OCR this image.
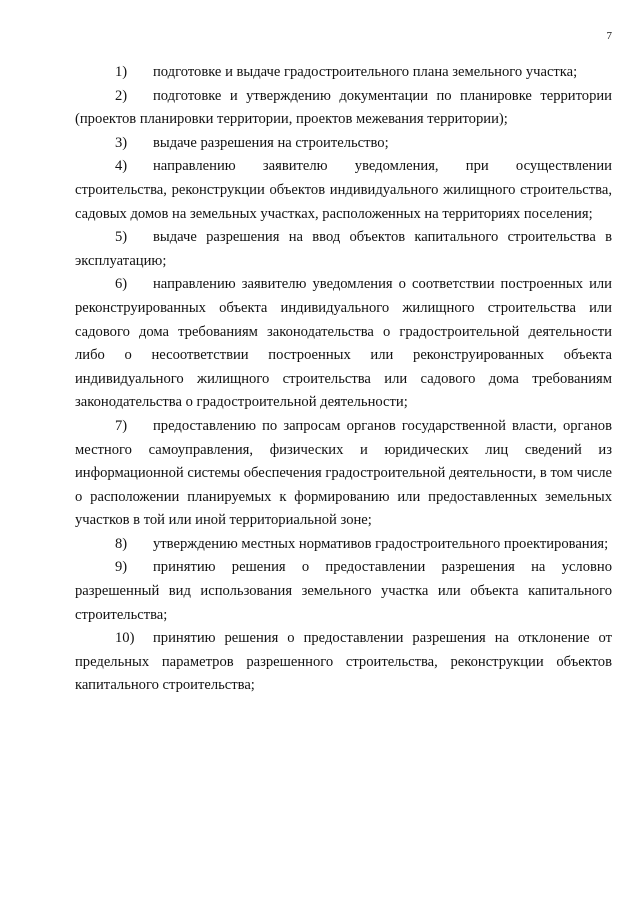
7

1) подготовке и выдаче градостроительного плана земельного участка;

2) подготовке и утверждению документации по планировке территории (проектов планировки территории, проектов межевания территории);

3) выдаче разрешения на строительство;

4) направлению заявителю уведомления, при осуществлении строительства, реконструкции объектов индивидуального жилищного строительства, садовых домов на земельных участках, расположенных на территориях поселения;

5) выдаче разрешения на ввод объектов капитального строительства в эксплуатацию;

6) направлению заявителю уведомления о соответствии построенных или реконструированных объекта индивидуального жилищного строительства или садового дома требованиям законодательства о градостроительной деятельности либо о несоответствии построенных или реконструированных объекта индивидуального жилищного строительства или садового дома требованиям законодательства о градостроительной деятельности;

7) предоставлению по запросам органов государственной власти, органов местного самоуправления, физических и юридических лиц сведений из информационной системы обеспечения градостроительной деятельности, в том числе о расположении планируемых к формированию или предоставленных земельных участков в той или иной территориальной зоне;

8) утверждению местных нормативов градостроительного проектирования;

9) принятию решения о предоставлении разрешения на условно разрешенный вид использования земельного участка или объекта капитального строительства;

10) принятию решения о предоставлении разрешения на отклонение от предельных параметров разрешенного строительства, реконструкции объектов капитального строительства;
